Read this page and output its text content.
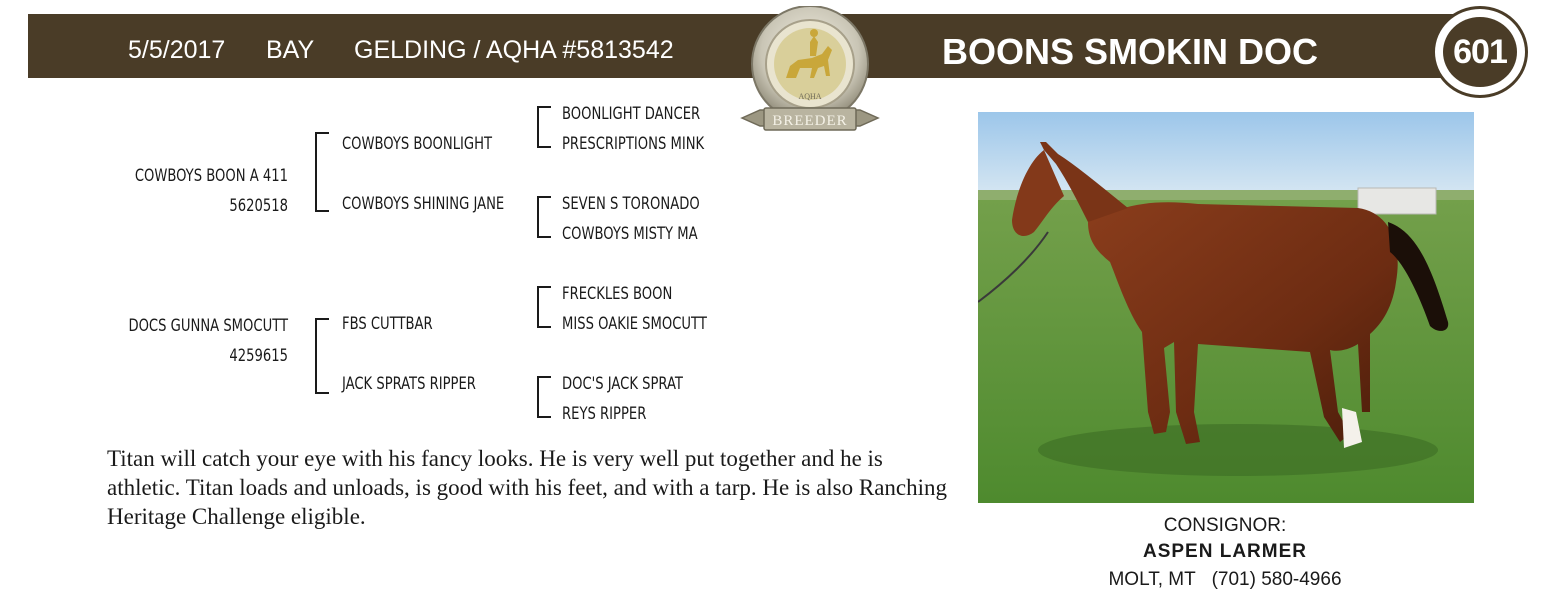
5/5/2017 BAY GELDING / AQHA #5813542	BOONS SMOKIN DOC	601
BREEDER
AQHA
COWBOYS BOON A 411
5620518
COWBOYS BOONLIGHT
COWBOYS SHINING JANE
BOONLIGHT DANCER
PRESCRIPTIONS MINK
SEVEN S TORONADO
COWBOYS MISTY MA
DOCS GUNNA SMOCUTT
4259615
FBS CUTTBAR
JACK SPRATS RIPPER
FRECKLES BOON
MISS OAKIE SMOCUTT
DOC'S JACK SPRAT
REYS RIPPER
Titan will catch your eye with his fancy looks. He is very well put together and he is athletic. Titan loads and unloads, is good with his feet, and with a tarp. He is also Ranching Heritage Challenge eligible.	CONSIGNOR:
ASPEN LARMER
MOLT, MT (701) 580-4966
